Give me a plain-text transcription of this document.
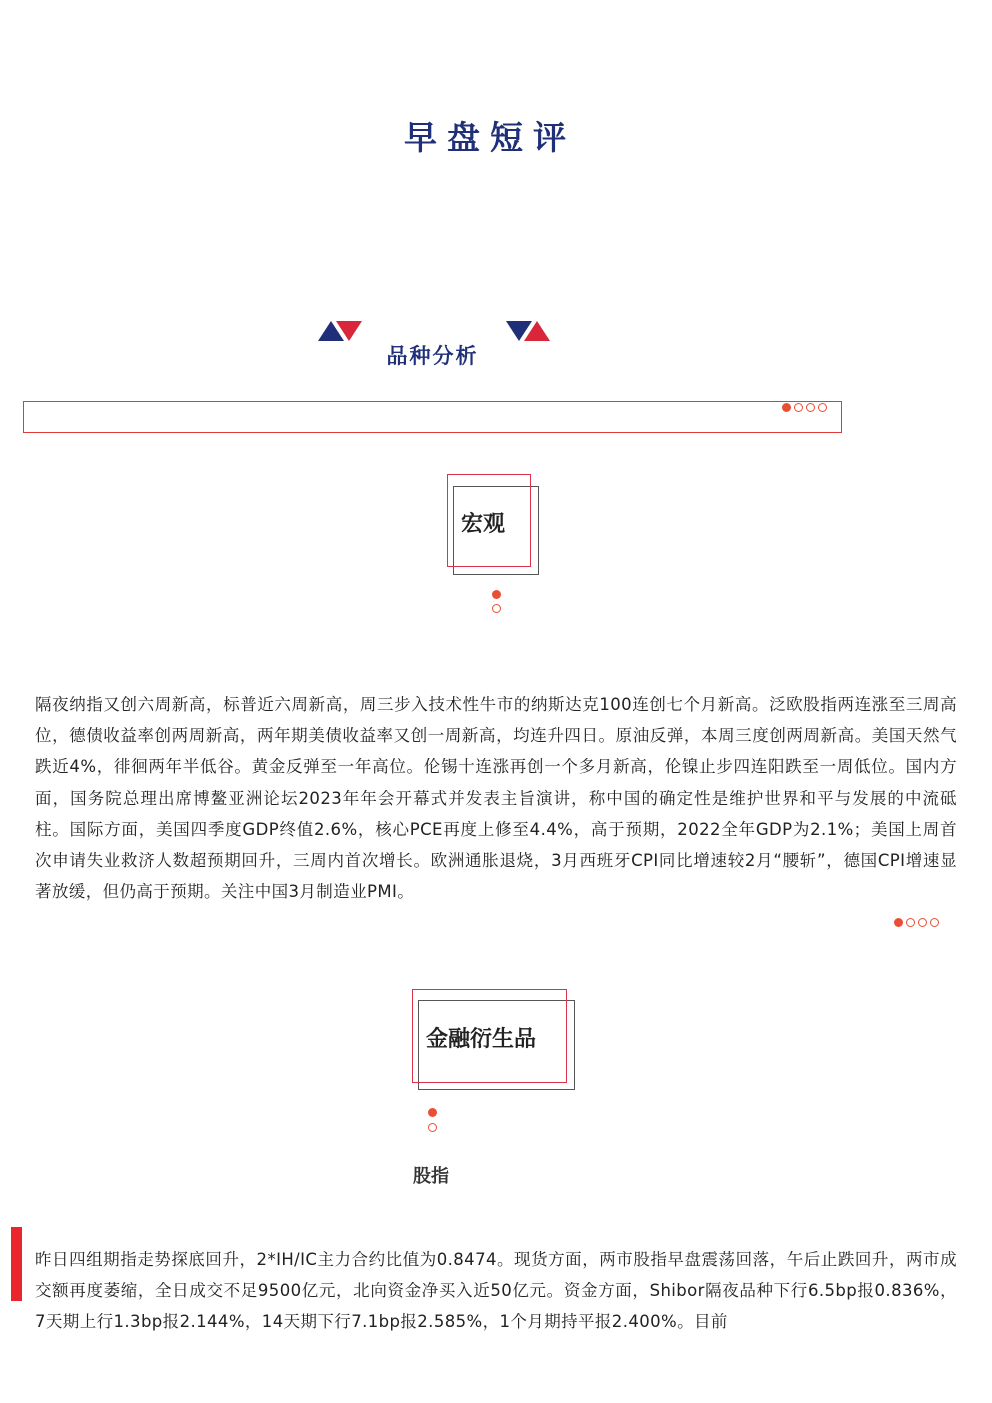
早盘短评
品种分析
宏观
隔夜纳指又创六周新高，标普近六周新高，周三步入技术性牛市的纳斯达克100连创七个月新高。泛欧股指两连涨至三周高位，德债收益率创两周新高，两年期美债收益率又创一周新高，均连升四日。原油反弹，本周三度创两周新高。美国天然气跌近4%，徘徊两年半低谷。黄金反弹至一年高位。伦锡十连涨再创一个多月新高，伦镍止步四连阳跌至一周低位。国内方面，国务院总理出席博鳌亚洲论坛2023年年会开幕式并发表主旨演讲，称中国的确定性是维护世界和平与发展的中流砥柱。国际方面，美国四季度GDP终值2.6%，核心PCE再度上修至4.4%，高于预期，2022全年GDP为2.1%；美国上周首次申请失业救济人数超预期回升，三周内首次增长。欧洲通胀退烧，3月西班牙CPI同比增速较2月“腰斩”，德国CPI增速显著放缓，但仍高于预期。关注中国3月制造业PMI。
金融衍生品
股指
昨日四组期指走势探底回升，2*IH/IC主力合约比值为0.8474。现货方面，两市股指早盘震荡回落，午后止跌回升，两市成交额再度萎缩，全日成交不足9500亿元，北向资金净买入近50亿元。资金方面，Shibor隔夜品种下行6.5bp报0.836%，7天期上行1.3bp报2.144%，14天期下行7.1bp报2.585%，1个月期持平报2.400%。目前
